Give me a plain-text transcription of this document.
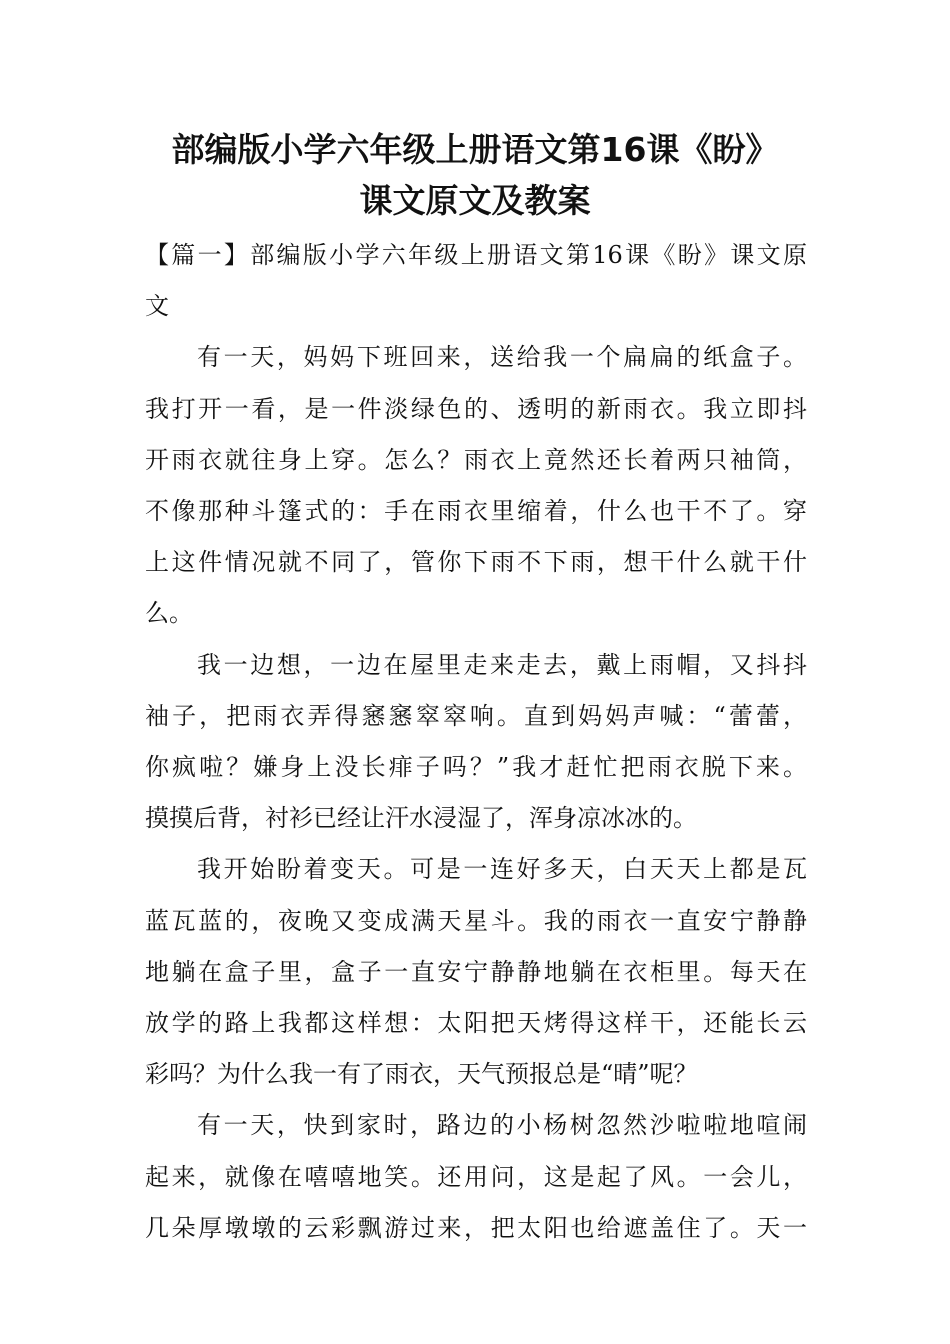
部编版小学六年级上册语文第16课《盼》
课文原文及教案
【篇一】部编版小学六年级上册语文第16课《盼》课文原
文
有一天，妈妈下班回来，送给我一个扁扁的纸盒子。
我打开一看，是一件淡绿色的、透明的新雨衣。我立即抖
开雨衣就往身上穿。怎么？雨衣上竟然还长着两只袖筒，
不像那种斗篷式的：手在雨衣里缩着，什么也干不了。穿
上这件情况就不同了，管你下雨不下雨，想干什么就干什
么。
我一边想，一边在屋里走来走去，戴上雨帽，又抖抖
袖子，把雨衣弄得窸窸窣窣响。直到妈妈声喊：“蕾蕾，
你疯啦？嫌身上没长痱子吗？”我才赶忙把雨衣脱下来。
摸摸后背，衬衫已经让汗水浸湿了，浑身凉冰冰的。
我开始盼着变天。可是一连好多天，白天天上都是瓦
蓝瓦蓝的，夜晚又变成满天星斗。我的雨衣一直安宁静静
地躺在盒子里，盒子一直安宁静静地躺在衣柜里。每天在
放学的路上我都这样想：太阳把天烤得这样干，还能长云
彩吗？为什么我一有了雨衣，天气预报总是“晴”呢？
有一天，快到家时，路边的小杨树忽然沙啦啦地喧闹
起来，就像在嘻嘻地笑。还用问，这是起了风。一会儿，
几朵厚墩墩的云彩飘游过来，把太阳也给遮盖住了。天一
